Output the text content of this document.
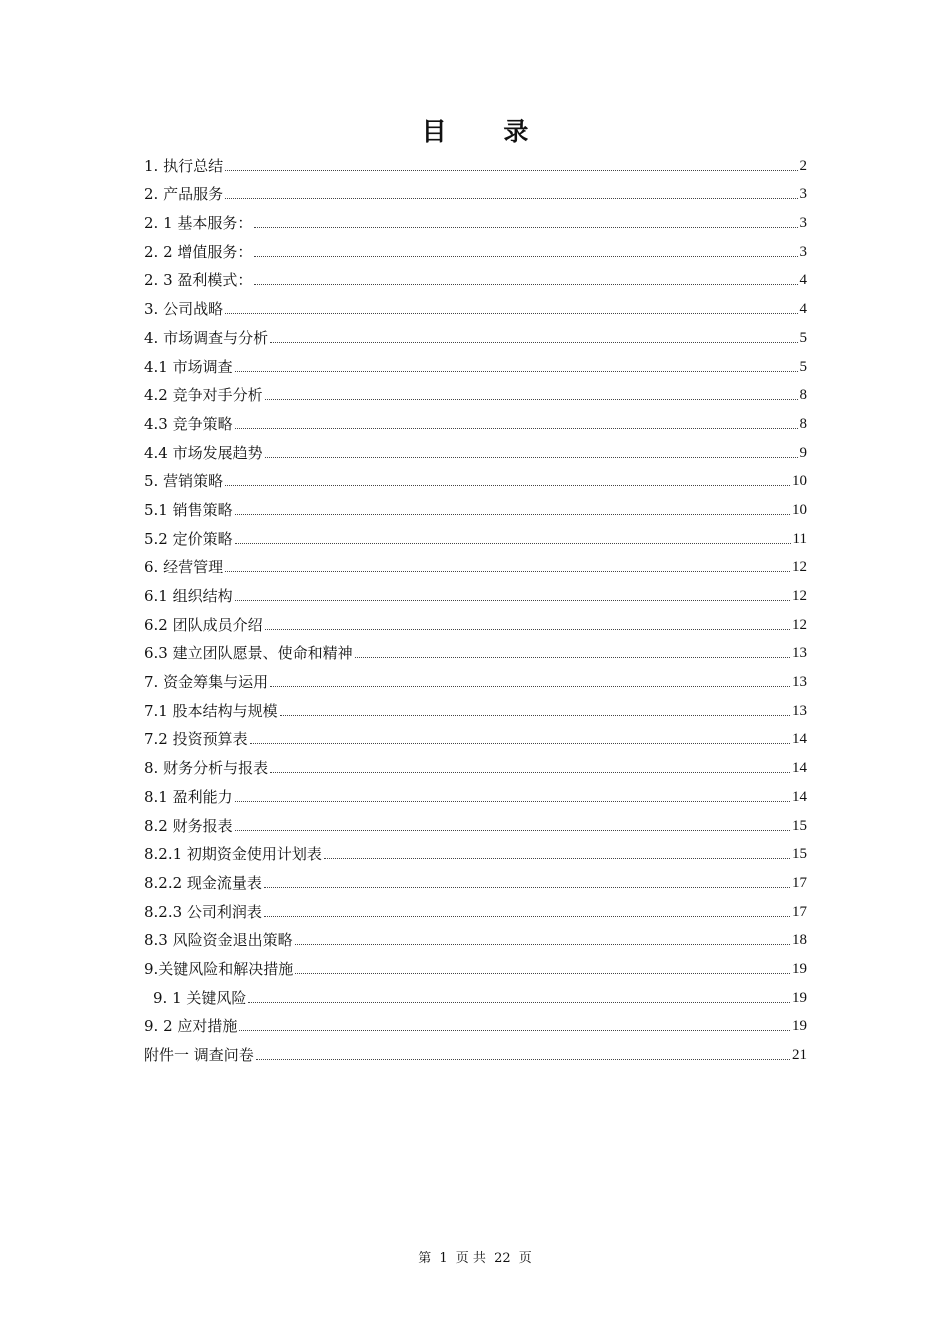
目 录
1. 执行总结	2
2. 产品服务	3
2. 1 基本服务：	3
2. 2 增值服务：	3
2. 3 盈利模式：	4
3. 公司战略	4
4. 市场调查与分析	5
4.1 市场调查	5
4.2 竞争对手分析	8
4.3 竞争策略	8
4.4 市场发展趋势	9
5. 营销策略	10
5.1 销售策略	10
5.2 定价策略	11
6. 经营管理	12
6.1 组织结构	12
6.2 团队成员介绍	12
6.3 建立团队愿景、使命和精神	13
7. 资金筹集与运用	13
7.1 股本结构与规模	13
7.2 投资预算表	14
8. 财务分析与报表	14
8.1 盈利能力	14
8.2 财务报表	15
8.2.1 初期资金使用计划表	15
8.2.2 现金流量表	17
8.2.3 公司利润表	17
8.3 风险资金退出策略	18
9.关键风险和解决措施	19
9. 1 关键风险	19
9. 2 应对措施	19
附件一 调查问卷	21
第 1 页 共 22 页
